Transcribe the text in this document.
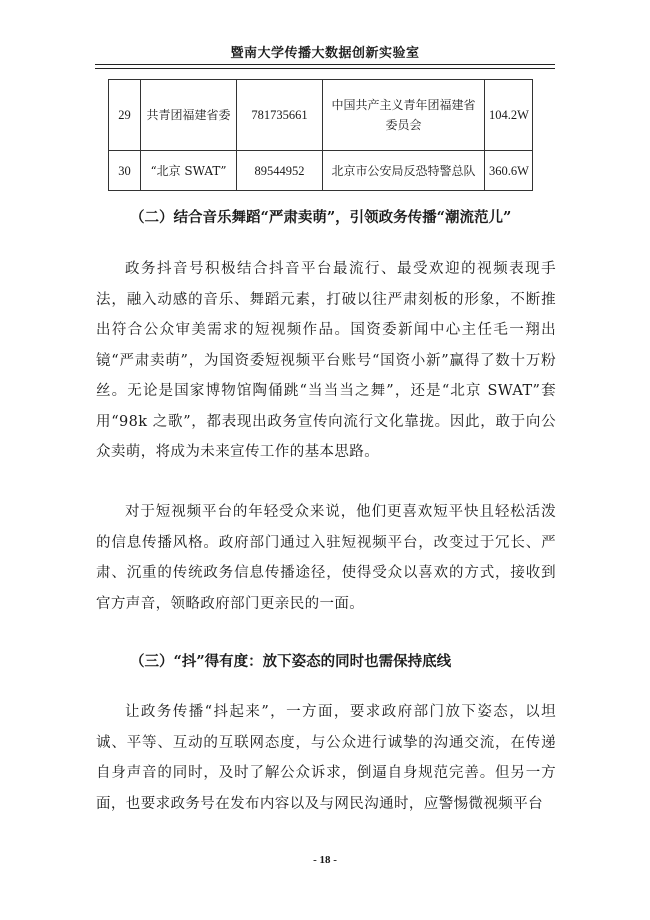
暨南大学传播大数据创新实验室
29	共青团福建省委	781735661	中国共产主义青年团福建省委员会	104.2W
30	“北京 SWAT”	89544952	北京市公安局反恐特警总队	360.6W
（二）结合音乐舞蹈“严肃卖萌”，引领政务传播“潮流范儿”
政务抖音号积极结合抖音平台最流行、最受欢迎的视频表现手法，融入动感的音乐、舞蹈元素，打破以往严肃刻板的形象，不断推出符合公众审美需求的短视频作品。国资委新闻中心主任毛一翔出镜“严肃卖萌”，为国资委短视频平台账号“国资小新”赢得了数十万粉丝。无论是国家博物馆陶俑跳“当当当之舞”，还是“北京 SWAT”套用“98k 之歌”，都表现出政务宣传向流行文化靠拢。因此，敢于向公众卖萌，将成为未来宣传工作的基本思路。
对于短视频平台的年轻受众来说，他们更喜欢短平快且轻松活泼的信息传播风格。政府部门通过入驻短视频平台，改变过于冗长、严肃、沉重的传统政务信息传播途径，使得受众以喜欢的方式，接收到官方声音，领略政府部门更亲民的一面。
（三）“抖”得有度：放下姿态的同时也需保持底线
让政务传播“抖起来”，一方面，要求政府部门放下姿态，以坦诚、平等、互动的互联网态度，与公众进行诚挚的沟通交流，在传递自身声音的同时，及时了解公众诉求，倒逼自身规范完善。但另一方面，也要求政务号在发布内容以及与网民沟通时，应警惕微视频平台
- 18 -
